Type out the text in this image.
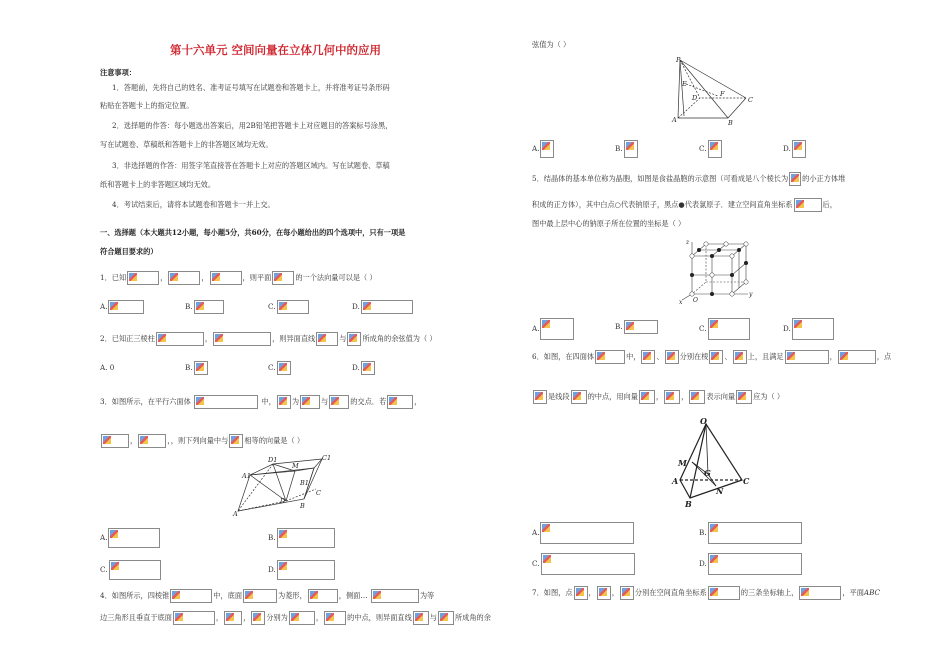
第十六单元 空间向量在立体几何中的应用
注意事项：
1．答题前，先将自己的姓名、准考证号填写在试题卷和答题卡上，并将准考证号条形码
粘贴在答题卡上的指定位置。
2．选择题的作答：每小题选出答案后，用2B铅笔把答题卡上对应题目的答案标号涂黑，
写在试题卷、草稿纸和答题卡上的非答题区域均无效。
3．非选择题的作答：用签字笔直接答在答题卡上对应的答题区域内。写在试题卷、草稿
纸和答题卡上的非答题区域均无效。
4．考试结束后，请将本试题卷和答题卡一并上交。
一、选择题（本大题共12小题，每小题5分，共60分，在每小题给出的四个选项中，只有一项是
符合题目要求的）
1．已知	，	，	，则平面	的一个法向量可以是（ ）
A.	B.	C.	D.
2．已知正三棱柱	，	，则异面直线	与 所成角的余弦值为（ ）
A. 0	B.	C.	D.
3．如图所示，在平行六面体	中， 为	与	的交点．若	，
，	，，则下列向量中与 相等的向量是（ ）
D1
M
C1
A1
B1
D
C
A
B
A.	B.
C.	D.
4．如图所示，四棱锥	中，底面	为菱形，	，侧面…	为等
边三角形且垂直于底面	，	， 分别为	，	的中点，则异面直线	与	所成角的余
弦值为（ ）
P
E
D	F
C
A	B
A.	B.	C.	D.
5．结晶体的基本单位称为晶胞，如图是食盐晶胞的示意图（可看成是八个棱长为 的小正方体堆
积成的正方体），其中白点○代表钠原子，黑点●代表氯原子．建立空间直角坐标系	后，
图中最上层中心的钠原子所在位置的坐标是（ ）
x
y
z
O
A.	B.	C.	D.
6．如图，在四面体	中， 、 分别在棱 、 上，且满足	，	，点
是线段	的中点，用向量	，	，	表示向量	应为（ ）
O
M
G
A
N
C
B
A.	B.
C.	D.
7．如图，点 ， ， 分别在空间直角坐标系	的三条坐标轴上，	，平面ABC
